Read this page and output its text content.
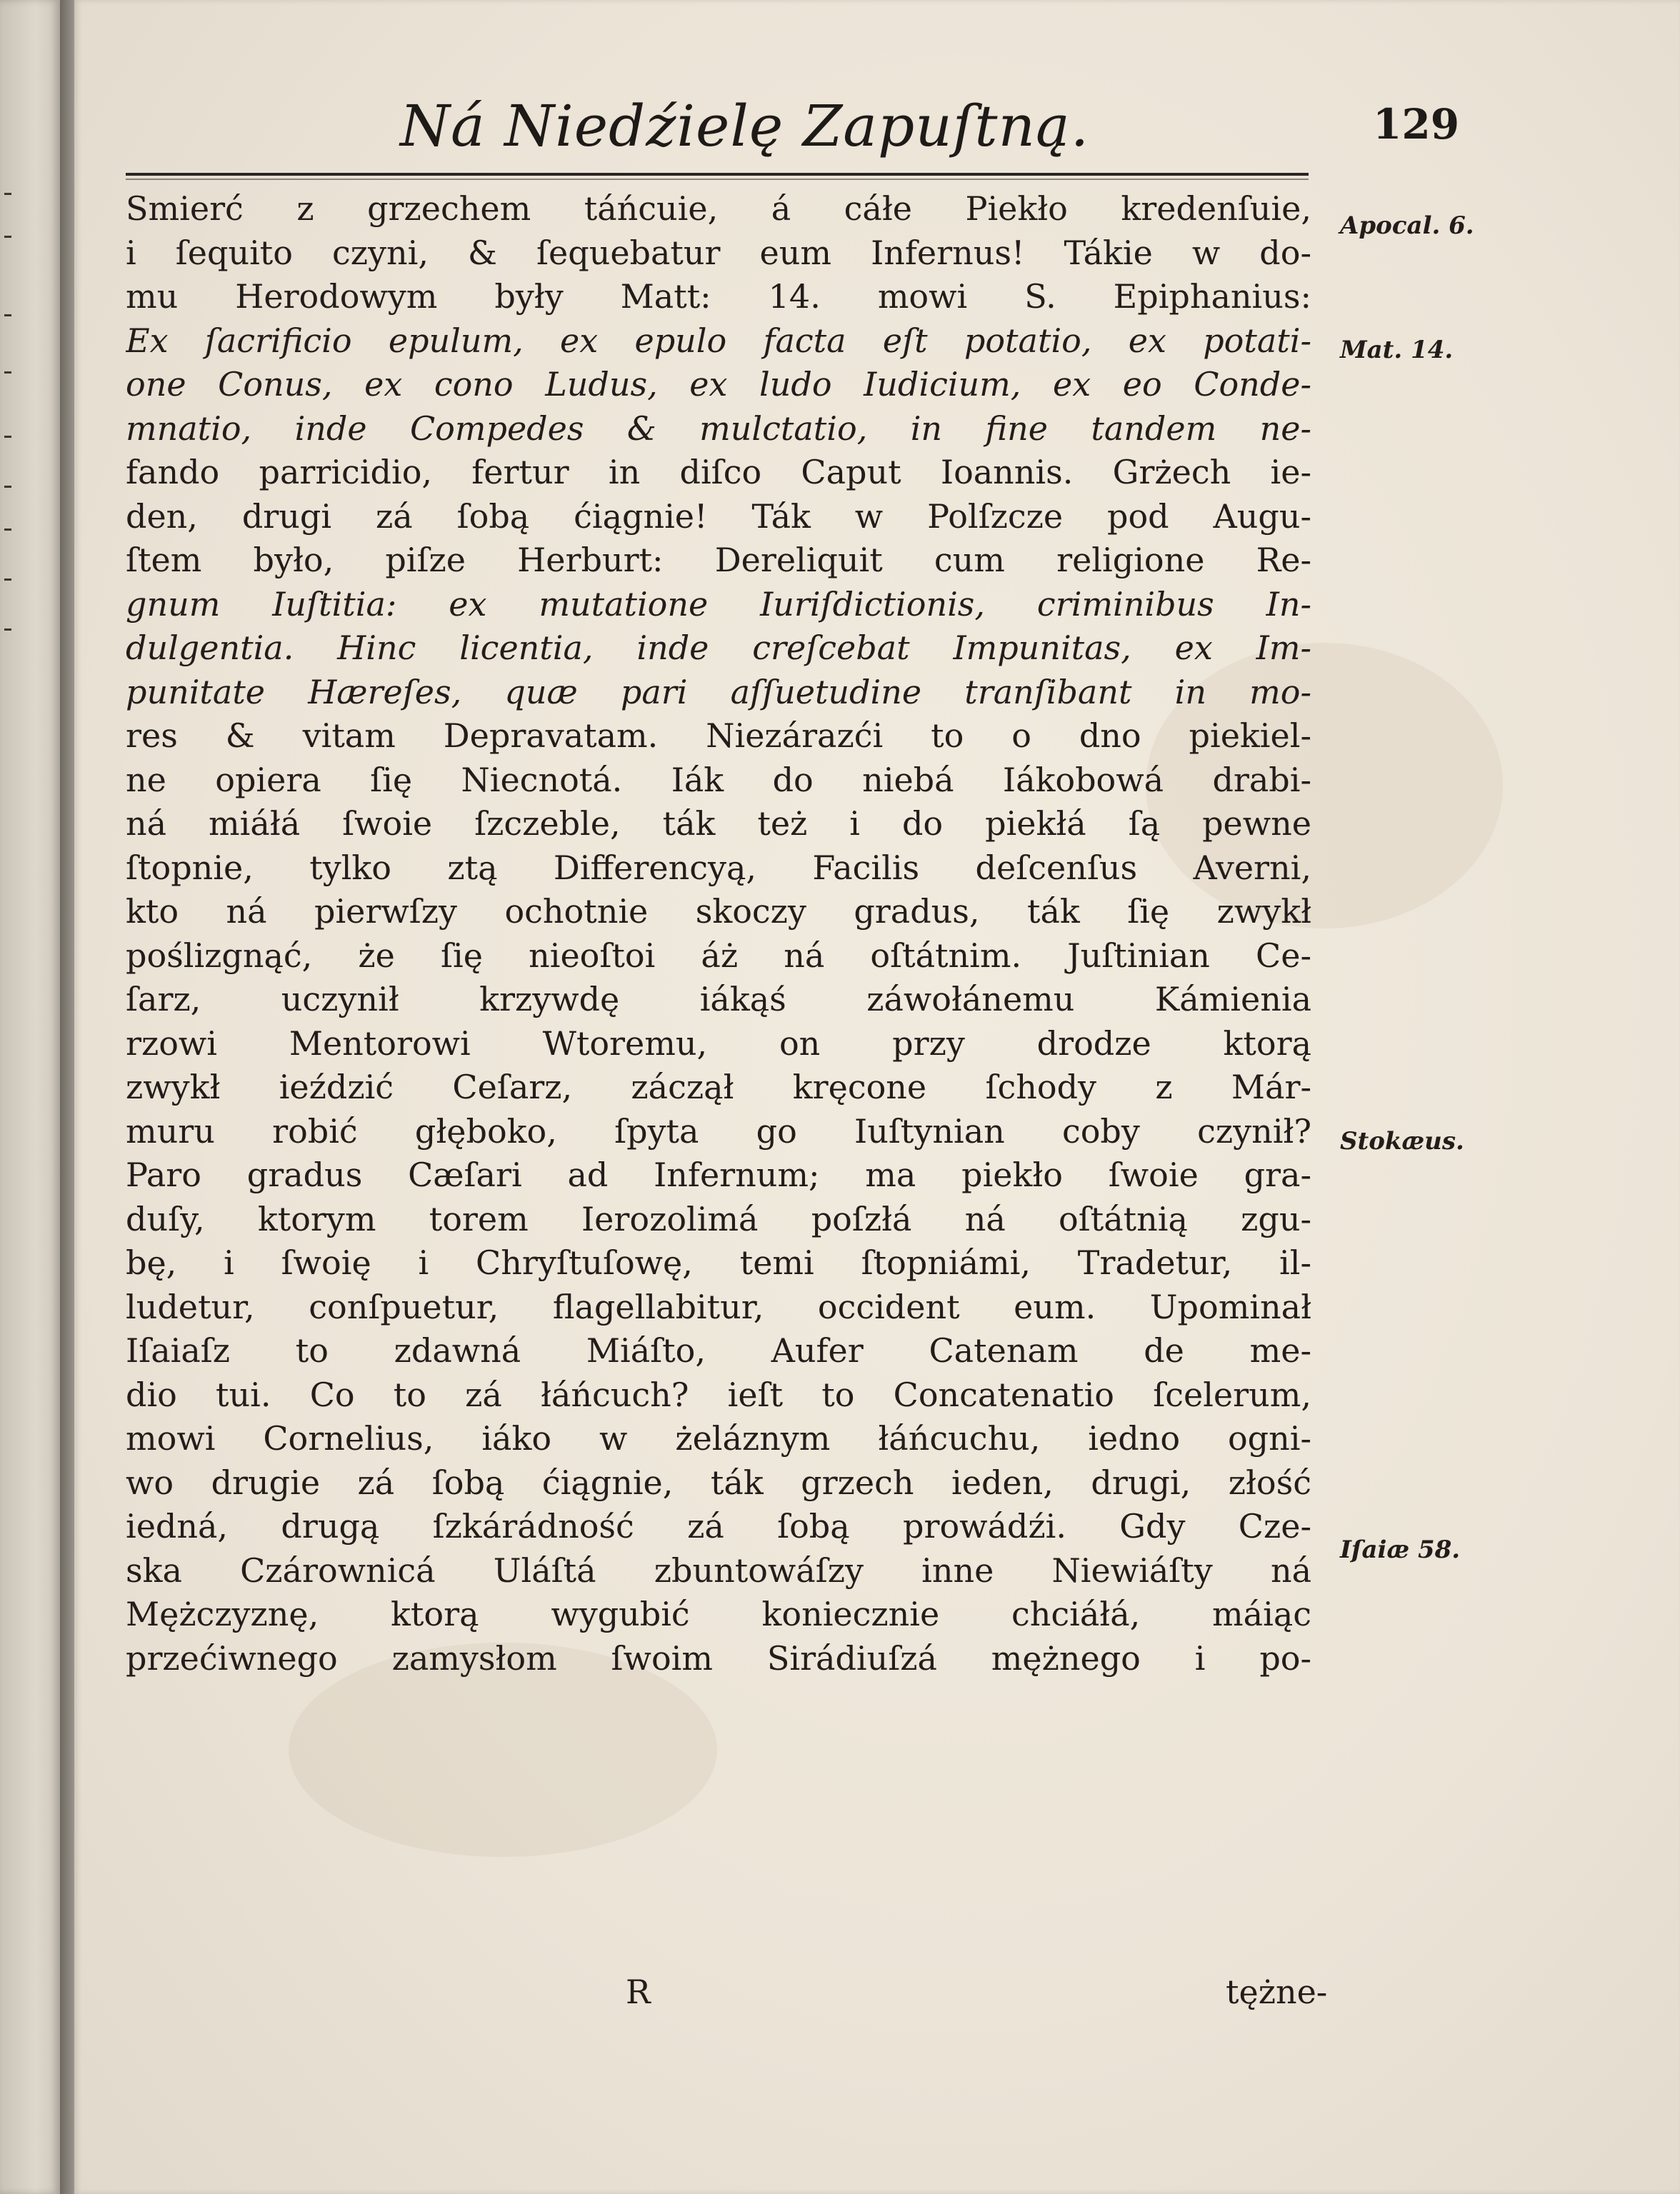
Ná Niedźielę Zapuſtną.	129
Smierć z grzechem táńcuie, á cáłe Piekło kredenſuie,
i ſequito czyni, & ſequebatur eum Infernus! Tákie w do-
mu Herodowym były Matt: 14. mowi S. Epiphanius:
Ex ſacrificio epulum, ex epulo facta eſt potatio, ex potati-
one Conus, ex cono Ludus, ex ludo Iudicium, ex eo Conde-
mnatio, inde Compedes & mulctatio, in fine tandem ne-
fando parricidio, fertur in diſco Caput Ioannis. Grżech ie-
den, drugi zá ſobą ćiągnie! Ták w Polſzcze pod Augu-
ſtem było, piſze Herburt: Dereliquit cum religione Re-
gnum Iuſtitia: ex mutatione Iuriſdictionis, criminibus In-
dulgentia. Hinc licentia, inde creſcebat Impunitas, ex Im-
punitate Hæreſes, quæ pari aſſuetudine tranſibant in mo-
res & vitam Depravatam. Niezárazći to o dno piekiel-
ne opiera ſię Niecnotá. Iák do niebá Iákobowá drabi-
ná miáłá ſwoie ſzczeble, ták też i do piekłá ſą pewne
ſtopnie, tylko ztą Differencyą, Facilis deſcenſus Averni,
kto ná pierwſzy ochotnie skoczy gradus, ták ſię zwykł
poślizgnąć, że ſię nieoſtoi áż ná oſtátnim. Juſtinian Ce-
ſarz, uczynił krzywdę iákąś záwołánemu Kámienia
rzowi Mentorowi Wtoremu, on przy drodze ktorą
zwykł ieździć Ceſarz, záczął kręcone ſchody z Már-
muru robić głęboko, ſpyta go Iuſtynian coby czynił?
Paro gradus Cæſari ad Infernum; ma piekło ſwoie gra-
duſy, ktorym torem Ierozolimá poſzłá ná oſtátnią zgu-
bę, i ſwoię i Chryſtuſowę, temi ſtopniámi, Tradetur, il-
ludetur, conſpuetur, flagellabitur, occident eum. Upominał
Iſaiaſz to zdawná Miáſto, Aufer Catenam de me-
dio tui. Co to zá łáńcuch? ieſt to Concatenatio ſcelerum,
mowi Cornelius, iáko w żeláznym łáńcuchu, iedno ogni-
wo drugie zá ſobą ćiągnie, ták grzech ieden, drugi, złość
iedná, drugą ſzkárádność zá ſobą prowádźi. Gdy Cze-
ska Czárownicá Uláſtá zbuntowáſzy inne Niewiáſty ná
Mężczyznę, ktorą wygubić koniecznie chciáłá, máiąc
przećiwnego zamysłom ſwoim Sirádiuſzá mężnego i po-
R	tężne-
Apocal. 6.
Mat. 14.
Stokæus.
Iſaiæ 58.
